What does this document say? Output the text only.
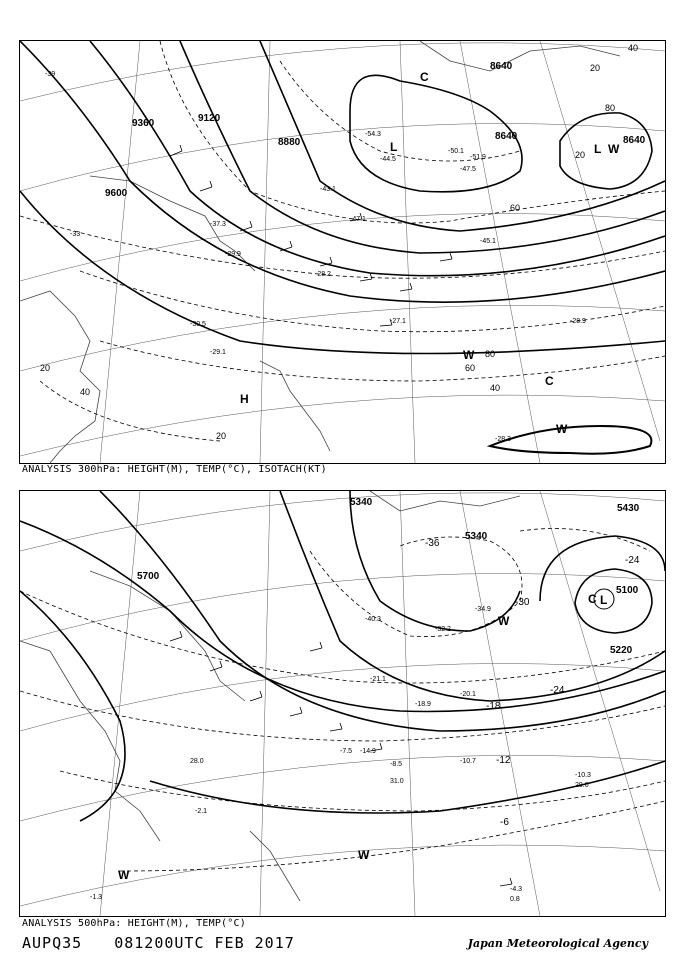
9600
9360	9120
8880
8640
8640
8640
20
40
60
80
20
40
60
80
20
40
20
-51.9
-50.1
-47.5
-47.1
-45.1
-44.5
-43.1
-37.3
-29.9
-28.2
-27.1	-28.9
-28.3
-29.1
-30.5
-33
-39
-54.3
L	L
H
W
W
W
C
C
ANALYSIS 300hPa: HEIGHT(M), TEMP(°C), ISOTACH(KT)
5700
5340
5340
5430
5220
5100
-36
-30
-24
-24
-18
-12
-6
-40.3
-34.9
-32.2
-21.1
-20.1
-18.9
-14.9
-10.7
-10.3
-8.5
-7.5
-4.3
-2.1
-1.3
31.0
29.0
28.0
0.8
L
C
W
W
W
ANALYSIS 500hPa: HEIGHT(M), TEMP(°C)
AUPQ35 081200UTC FEB 2017	Japan Meteorological Agency
